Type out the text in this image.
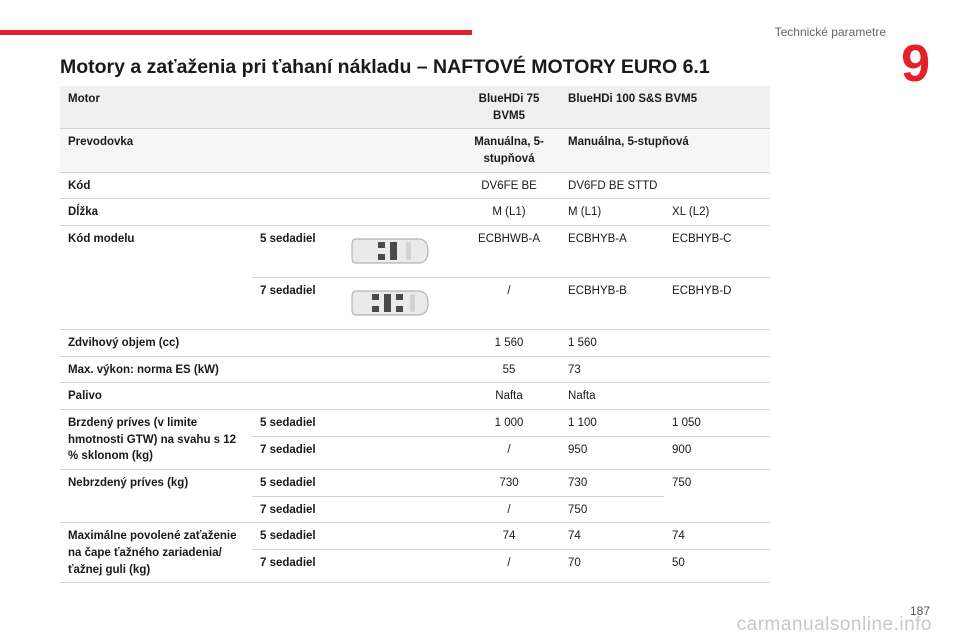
Technické parametre
9
Motory a zaťaženia pri ťahaní nákladu – NAFTOVÉ MOTORY EURO 6.1
Motor			BlueHDi 75 BVM5	BlueHDi 100 S&S BVM5	
Prevodovka			Manuálna, 5-stupňová	Manuálna, 5-stupňová	
Kód			DV6FE BE	DV6FD BE STTD	
Dĺžka			M (L1)	M (L1)	XL (L2)
Kód modelu	5 sedadiel		ECBHWB-A	ECBHYB-A	ECBHYB-C
	7 sedadiel		/	ECBHYB-B	ECBHYB-D
Zdvihový objem (cc)			1 560	1 560	
Max. výkon: norma ES (kW)			55	73	
Palivo			Nafta	Nafta	
Brzdený príves (v limite hmotnosti GTW) na svahu s 12 % sklonom (kg)	5 sedadiel		1 000	1 100	1 050
	7 sedadiel		/	950	900
Nebrzdený príves (kg)	5 sedadiel		730	730	750
	7 sedadiel		/	750	
Maximálne povolené zaťaženie na čape ťažného zariadenia/ ťažnej guli (kg)	5 sedadiel		74	74	74
	7 sedadiel		/	70	50
187
carmanualsonline.info
